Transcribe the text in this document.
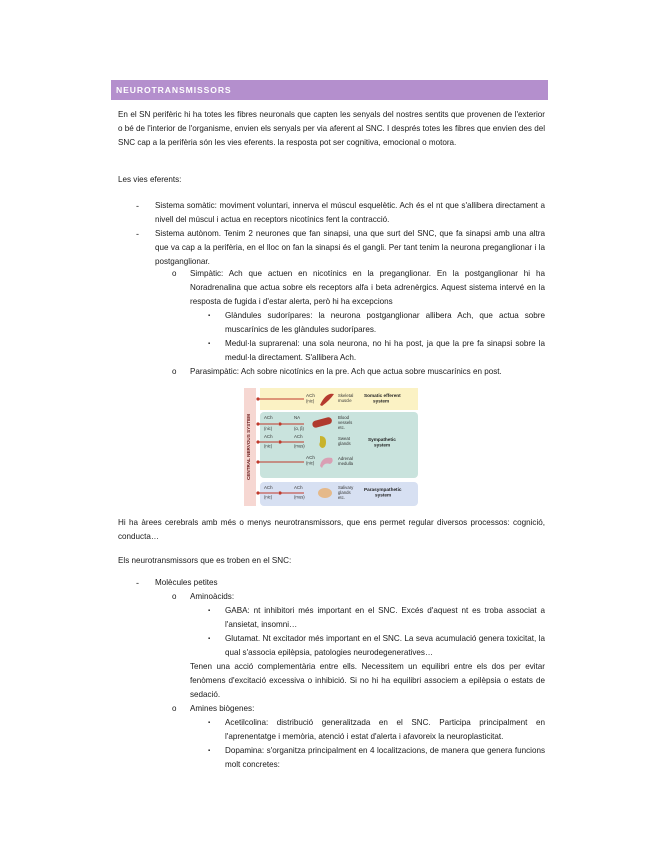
NEUROTRANSMISSORS
En el SN perifèric hi ha totes les fibres neuronals que capten les senyals del nostres sentits que provenen de l'exterior o bé de l'interior de l'organisme, envien els senyals per via aferent al SNC. I després totes les fibres que envien des del SNC cap a la perifèria són les vies eferents. la resposta pot ser cognitiva, emocional o motora.
Les vies eferents:
- Sistema somàtic: moviment voluntari, innerva el múscul esquelètic. Ach és el nt que s'allibera directament a nivell del múscul i actua en receptors nicotínics fent la contracció.
- Sistema autònom. Tenim 2 neurones que fan sinapsi, una que surt del SNC, que fa sinapsi amb una altra que va cap a la perifèria, en el lloc on fan la sinapsi és el gangli. Per tant tenim la neurona preganglionar i la postganglionar.
o Simpàtic: Ach que actuen en nicotínics en la preganglionar. En la postganglionar hi ha Noradrenalina que actua sobre els receptors alfa i beta adrenèrgics. Aquest sistema intervé en la resposta de fugida i d'estar alerta, però hi ha excepcions
▪ Glàndules sudorípares: la neurona postganglionar allibera Ach, que actua sobre muscarínics de les glàndules sudorípares.
▪ Medul·la suprarenal: una sola neurona, no hi ha post, ja que la pre fa sinapsi sobre la medul·la directament. S'allibera Ach.
o Parasimpàtic: Ach sobre nicotínics en la pre. Ach que actua sobre muscarínics en post.
CENTRAL NERVOUS SYSTEM
ACh
(nic)
Skeletal
muscle
Somatic efferent
system
ACh
(nic)
NA
(α, β)
Blood
vessels
etc.
ACh
(nic)
ACh
(mus)
Sweat
glands
Sympathetic
system
ACh
(nic)
Adrenal
medulla
ACh
(nic)
ACh
(mus)
Salivary
glands
etc.
Parasympathetic
system
Hi ha àrees cerebrals amb més o menys neurotransmissors, que ens permet regular diversos processos: cognició, conducta…
Els neurotransmissors que es troben en el SNC:
- Molècules petites
o Aminoàcids:
▪ GABA: nt inhibitori més important en el SNC. Excés d'aquest nt es troba associat a l'ansietat, insomni…
▪ Glutamat. Nt excitador més important en el SNC. La seva acumulació genera toxicitat, la qual s'associa epilèpsia, patologies neurodegeneratives…
Tenen una acció complementària entre ells. Necessitem un equilibri entre els dos per evitar fenòmens d'excitació excessiva o inhibició. Si no hi ha equilibri associem a epilèpsia o estats de sedació.
o Amines biògenes:
▪ Acetilcolina: distribució generalitzada en el SNC. Participa principalment en l'aprenentatge i memòria, atenció i estat d'alerta i afavoreix la neuroplasticitat.
▪ Dopamina: s'organitza principalment en 4 localitzacions, de manera que genera funcions molt concretes:
